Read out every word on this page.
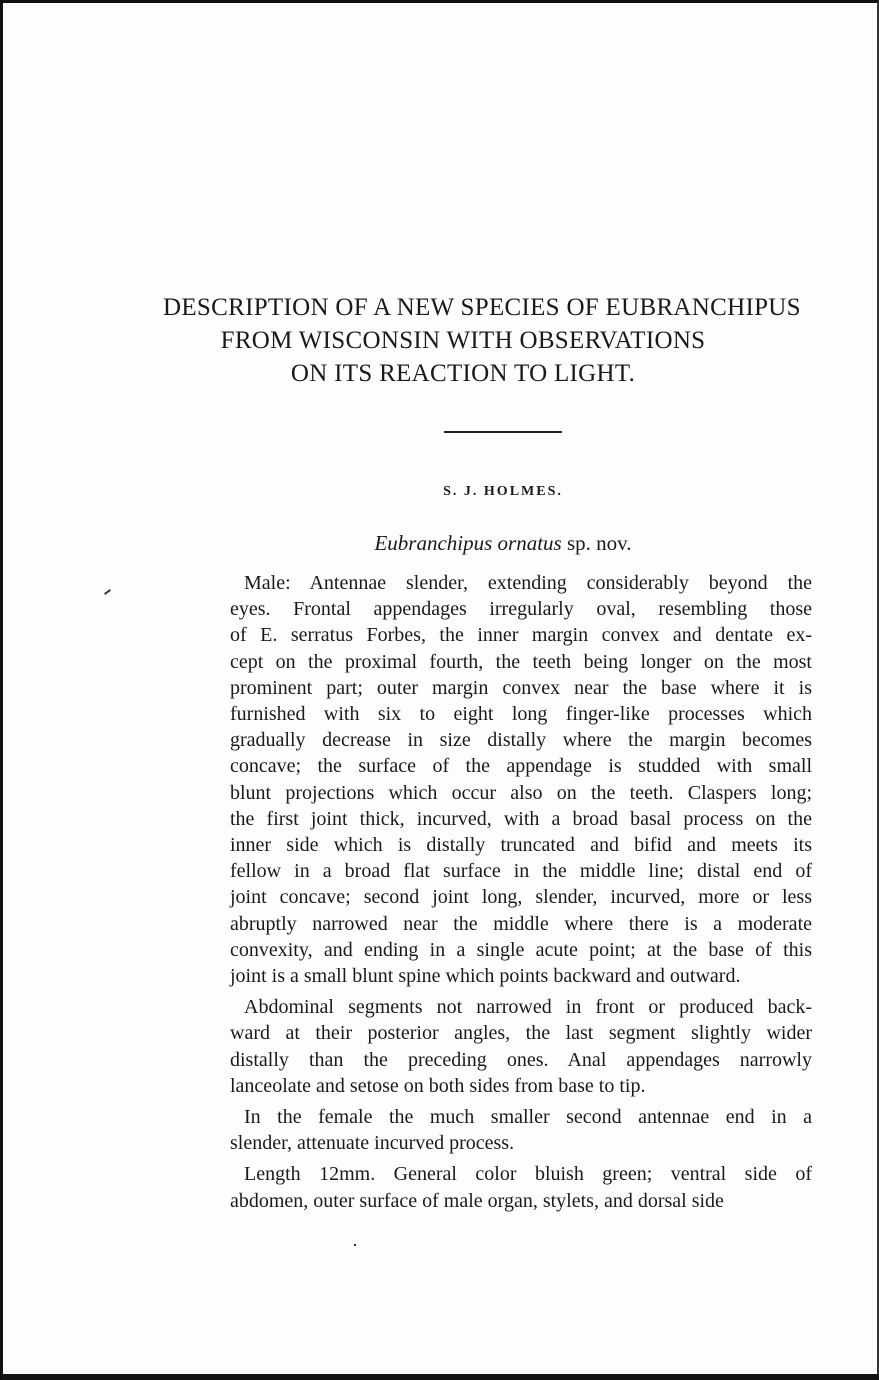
DESCRIPTION OF A NEW SPECIES OF EUBRANCHIPUS
FROM WISCONSIN WITH OBSERVATIONS
ON ITS REACTION TO LIGHT.
S. J. HOLMES.
Eubranchipus ornatus sp. nov.

Male: Antennae slender, extending considerably beyond the
eyes. Frontal appendages irregularly oval, resembling those
of E. serratus Forbes, the inner margin convex and dentate ex-
cept on the proximal fourth, the teeth being longer on the most
prominent part; outer margin convex near the base where it is
furnished with six to eight long finger-like processes which
gradually decrease in size distally where the margin becomes
concave; the surface of the appendage is studded with small
blunt projections which occur also on the teeth. Claspers long;
the first joint thick, incurved, with a broad basal process on the
inner side which is distally truncated and bifid and meets its
fellow in a broad flat surface in the middle line; distal end of
joint concave; second joint long, slender, incurved, more or less
abruptly narrowed near the middle where there is a moderate
convexity, and ending in a single acute point; at the base of this
joint is a small blunt spine which points backward and outward.

Abdominal segments not narrowed in front or produced back-
ward at their posterior angles, the last segment slightly wider
distally than the preceding ones. Anal appendages narrowly
lanceolate and setose on both sides from base to tip.

In the female the much smaller second antennae end in a
slender, attenuate incurved process.

Length 12mm. General color bluish green; ventral side of
abdomen, outer surface of male organ, stylets, and dorsal side
